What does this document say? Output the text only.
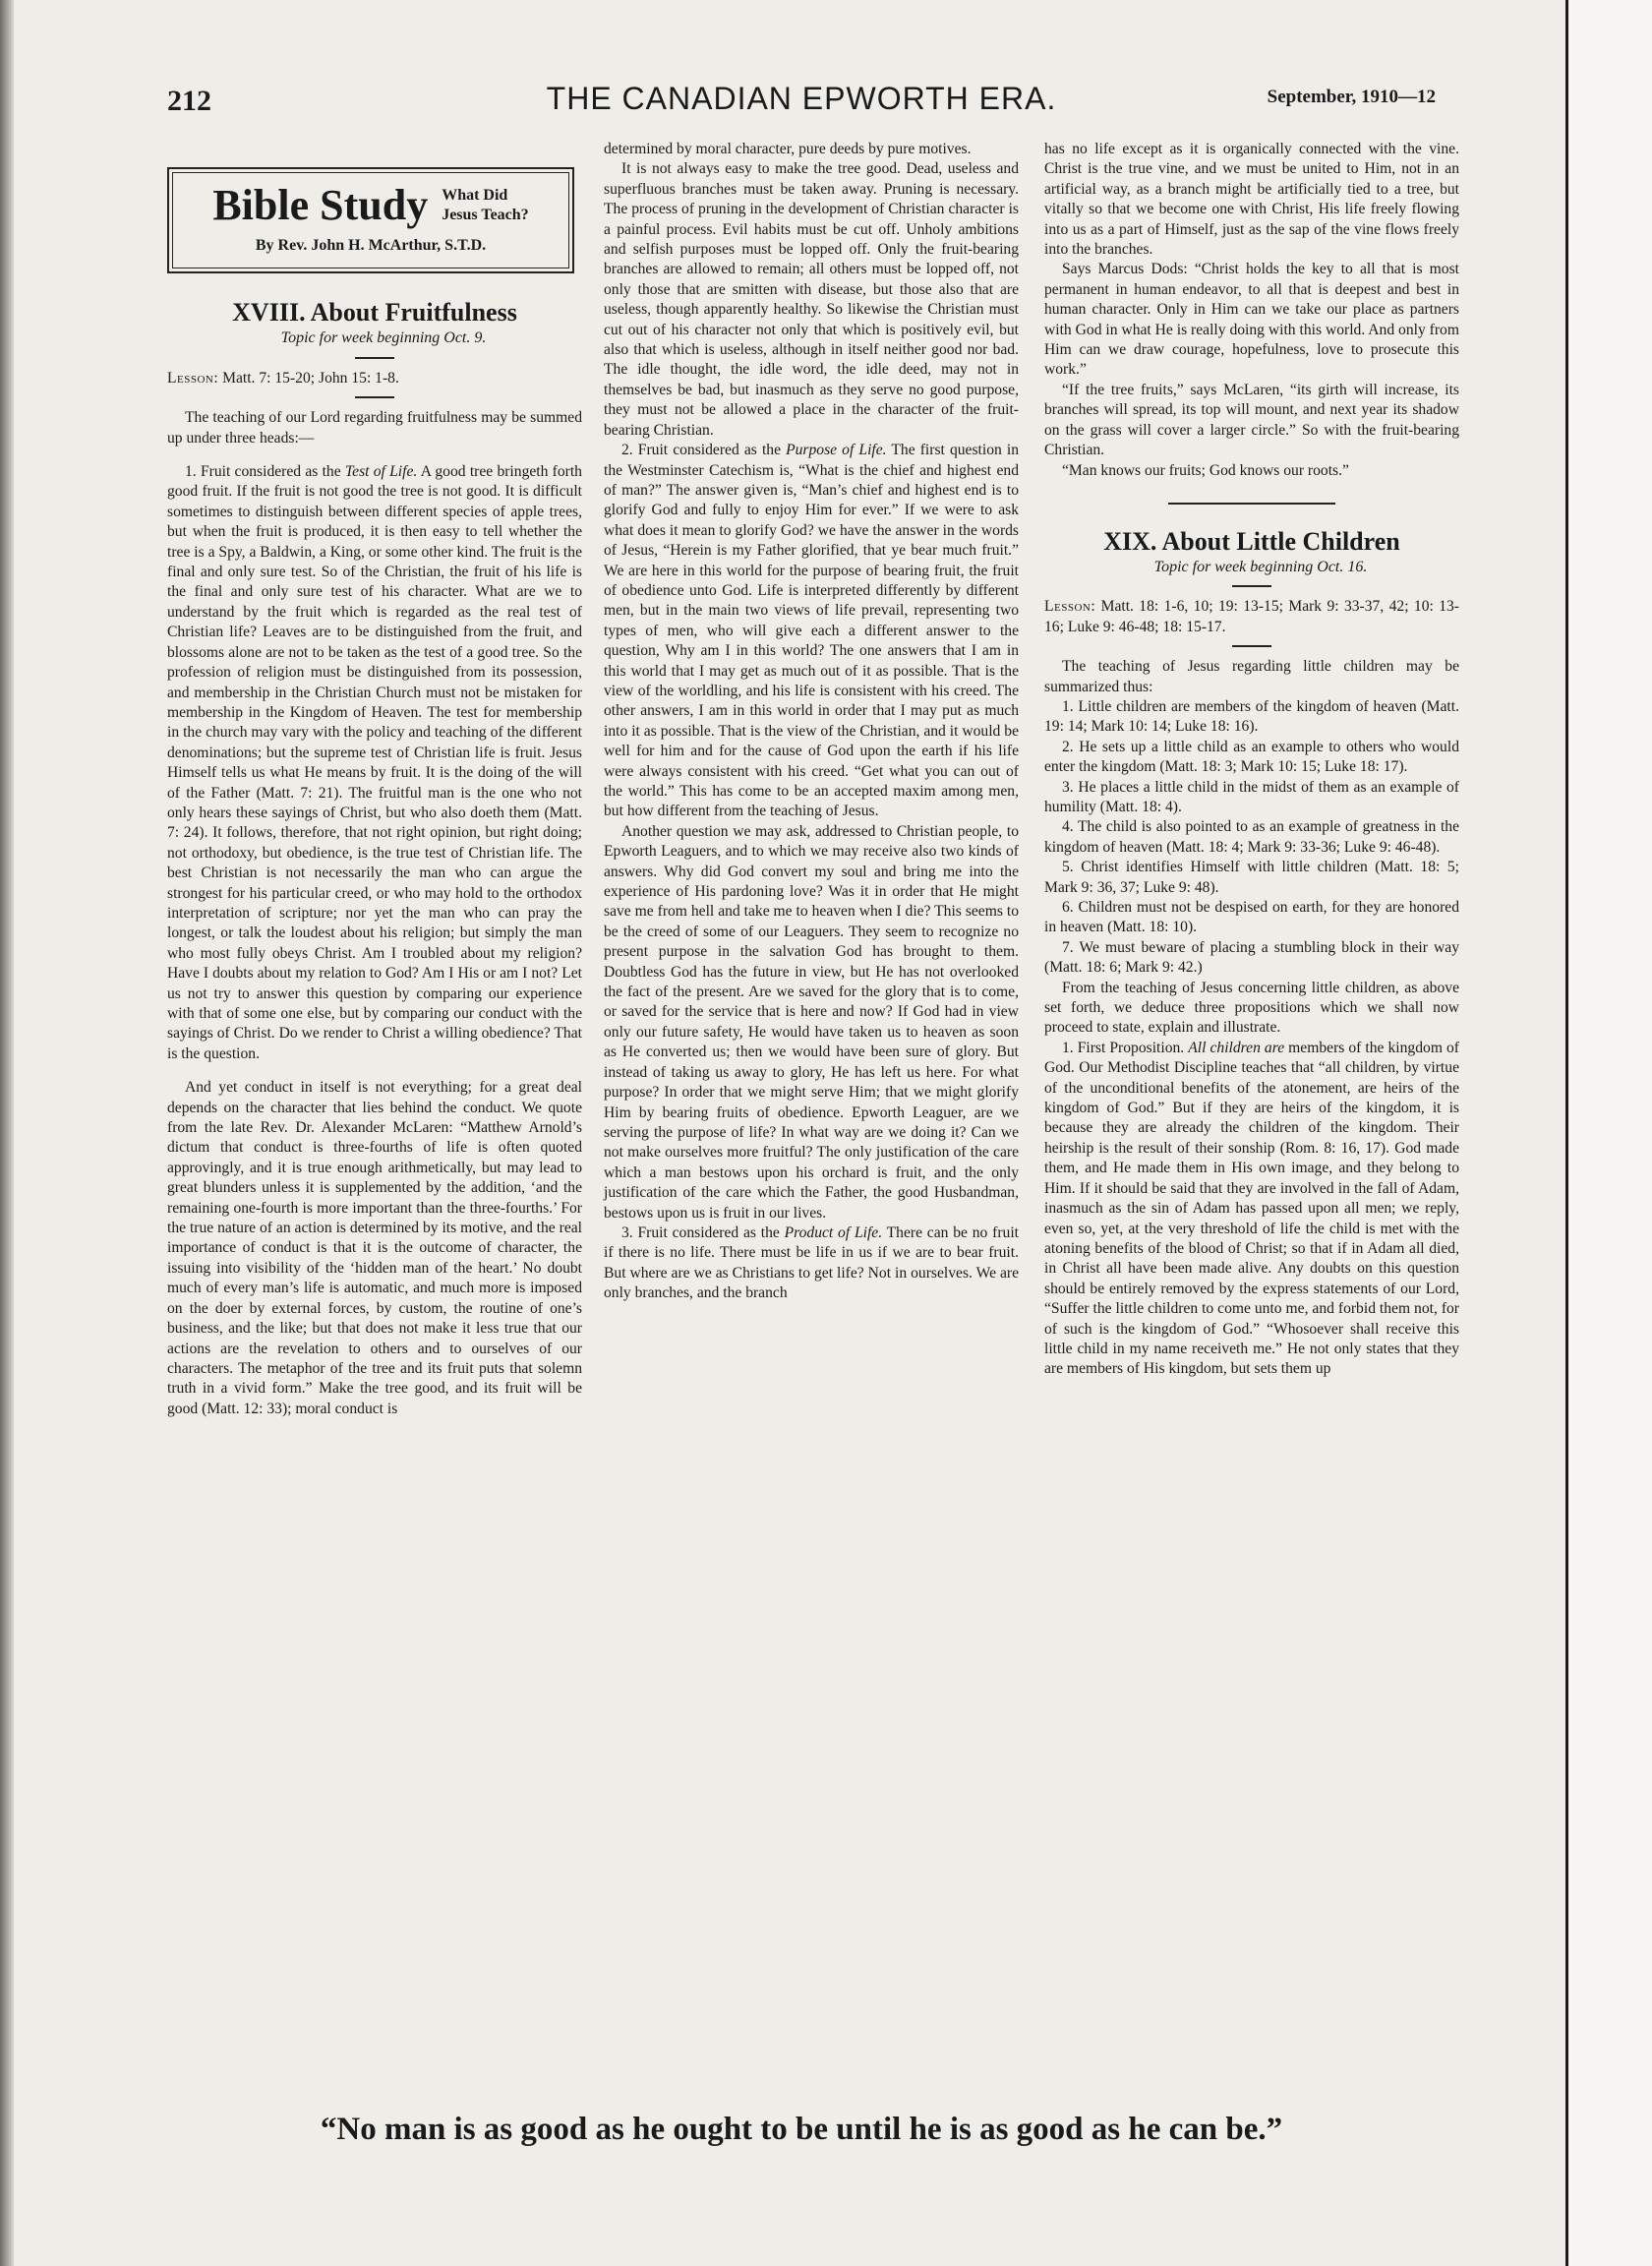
212	THE CANADIAN EPWORTH ERA.	September, 1910—12
Bible Study What Did
Jesus Teach?
By Rev. John H. McArthur, S.T.D.
XVIII. About Fruitfulness

Topic for week beginning Oct. 9.

Lesson: Matt. 7: 15-20; John 15: 1-8.

The teaching of our Lord regarding fruitfulness may be summed up under three heads:—

1. Fruit considered as the Test of Life. A good tree bringeth forth good fruit. If the fruit is not good the tree is not good. It is difficult sometimes to distinguish between different species of apple trees, but when the fruit is produced, it is then easy to tell whether the tree is a Spy, a Baldwin, a King, or some other kind. The fruit is the final and only sure test. So of the Christian, the fruit of his life is the final and only sure test of his character. What are we to understand by the fruit which is regarded as the real test of Christian life? Leaves are to be distinguished from the fruit, and blossoms alone are not to be taken as the test of a good tree. So the profession of religion must be distinguished from its possession, and membership in the Christian Church must not be mistaken for membership in the Kingdom of Heaven. The test for membership in the church may vary with the policy and teaching of the different denominations; but the supreme test of Christian life is fruit. Jesus Himself tells us what He means by fruit. It is the doing of the will of the Father (Matt. 7: 21). The fruitful man is the one who not only hears these sayings of Christ, but who also doeth them (Matt. 7: 24). It follows, therefore, that not right opinion, but right doing; not orthodoxy, but obedience, is the true test of Christian life. The best Christian is not necessarily the man who can argue the strongest for his particular creed, or who may hold to the orthodox interpretation of scripture; nor yet the man who can pray the longest, or talk the loudest about his religion; but simply the man who most fully obeys Christ. Am I troubled about my religion? Have I doubts about my relation to God? Am I His or am I not? Let us not try to answer this question by comparing our experience with that of some one else, but by comparing our conduct with the sayings of Christ. Do we render to Christ a willing obedience? That is the question.

And yet conduct in itself is not everything; for a great deal depends on the character that lies behind the conduct. We quote from the late Rev. Dr. Alexander McLaren: “Matthew Arnold’s dictum that conduct is three-fourths of life is often quoted approvingly, and it is true enough arithmetically, but may lead to great blunders unless it is supplemented by the addition, ‘and the remaining one-fourth is more important than the three-fourths.’ For the true nature of an action is determined by its motive, and the real importance of conduct is that it is the outcome of character, the issuing into visibility of the ‘hidden man of the heart.’ No doubt much of every man’s life is automatic, and much more is imposed on the doer by external forces, by custom, the routine of one’s business, and the like; but that does not make it less true that our actions are the revelation to others and to ourselves of our characters. The metaphor of the tree and its fruit puts that solemn truth in a vivid form.” Make the tree good, and its fruit will be good (Matt. 12: 33); moral conduct is

determined by moral character, pure deeds by pure motives.

It is not always easy to make the tree good. Dead, useless and superfluous branches must be taken away. Pruning is necessary. The process of pruning in the development of Christian character is a painful process. Evil habits must be cut off. Unholy ambitions and selfish purposes must be lopped off. Only the fruit-bearing branches are allowed to remain; all others must be lopped off, not only those that are smitten with disease, but those also that are useless, though apparently healthy. So likewise the Christian must cut out of his character not only that which is positively evil, but also that which is useless, although in itself neither good nor bad. The idle thought, the idle word, the idle deed, may not in themselves be bad, but inasmuch as they serve no good purpose, they must not be allowed a place in the character of the fruit-bearing Christian.

2. Fruit considered as the Purpose of Life. The first question in the Westminster Catechism is, “What is the chief and highest end of man?” The answer given is, “Man’s chief and highest end is to glorify God and fully to enjoy Him for ever.” If we were to ask what does it mean to glorify God? we have the answer in the words of Jesus, “Herein is my Father glorified, that ye bear much fruit.” We are here in this world for the purpose of bearing fruit, the fruit of obedience unto God. Life is interpreted differently by different men, but in the main two views of life prevail, representing two types of men, who will give each a different answer to the question, Why am I in this world? The one answers that I am in this world that I may get as much out of it as possible. That is the view of the worldling, and his life is consistent with his creed. The other answers, I am in this world in order that I may put as much into it as possible. That is the view of the Christian, and it would be well for him and for the cause of God upon the earth if his life were always consistent with his creed. “Get what you can out of the world.” This has come to be an accepted maxim among men, but how different from the teaching of Jesus.

Another question we may ask, addressed to Christian people, to Epworth Leaguers, and to which we may receive also two kinds of answers. Why did God convert my soul and bring me into the experience of His pardoning love? Was it in order that He might save me from hell and take me to heaven when I die? This seems to be the creed of some of our Leaguers. They seem to recognize no present purpose in the salvation God has brought to them. Doubtless God has the future in view, but He has not overlooked the fact of the present. Are we saved for the glory that is to come, or saved for the service that is here and now? If God had in view only our future safety, He would have taken us to heaven as soon as He converted us; then we would have been sure of glory. But instead of taking us away to glory, He has left us here. For what purpose? In order that we might serve Him; that we might glorify Him by bearing fruits of obedience. Epworth Leaguer, are we serving the purpose of life? In what way are we doing it? Can we not make ourselves more fruitful? The only justification of the care which a man bestows upon his orchard is fruit, and the only justification of the care which the Father, the good Husbandman, bestows upon us is fruit in our lives.

3. Fruit considered as the Product of Life. There can be no fruit if there is no life. There must be life in us if we are to bear fruit. But where are we as Christians to get life? Not in ourselves. We are only branches, and the branch

has no life except as it is organically connected with the vine. Christ is the true vine, and we must be united to Him, not in an artificial way, as a branch might be artificially tied to a tree, but vitally so that we become one with Christ, His life freely flowing into us as a part of Himself, just as the sap of the vine flows freely into the branches.

Says Marcus Dods: “Christ holds the key to all that is most permanent in human endeavor, to all that is deepest and best in human character. Only in Him can we take our place as partners with God in what He is really doing with this world. And only from Him can we draw courage, hopefulness, love to prosecute this work.”

“If the tree fruits,” says McLaren, “its girth will increase, its branches will spread, its top will mount, and next year its shadow on the grass will cover a larger circle.” So with the fruit-bearing Christian.

“Man knows our fruits; God knows our roots.”

XIX. About Little Children

Topic for week beginning Oct. 16.

Lesson: Matt. 18: 1-6, 10; 19: 13-15; Mark 9: 33-37, 42; 10: 13-16; Luke 9: 46-48; 18: 15-17.

The teaching of Jesus regarding little children may be summarized thus:

1. Little children are members of the kingdom of heaven (Matt. 19: 14; Mark 10: 14; Luke 18: 16).

2. He sets up a little child as an example to others who would enter the kingdom (Matt. 18: 3; Mark 10: 15; Luke 18: 17).

3. He places a little child in the midst of them as an example of humility (Matt. 18: 4).

4. The child is also pointed to as an example of greatness in the kingdom of heaven (Matt. 18: 4; Mark 9: 33-36; Luke 9: 46-48).

5. Christ identifies Himself with little children (Matt. 18: 5; Mark 9: 36, 37; Luke 9: 48).

6. Children must not be despised on earth, for they are honored in heaven (Matt. 18: 10).

7. We must beware of placing a stumbling block in their way (Matt. 18: 6; Mark 9: 42.)

From the teaching of Jesus concerning little children, as above set forth, we deduce three propositions which we shall now proceed to state, explain and illustrate.

1. First Proposition. All children are members of the kingdom of God. Our Methodist Discipline teaches that “all children, by virtue of the unconditional benefits of the atonement, are heirs of the kingdom of God.” But if they are heirs of the kingdom, it is because they are already the children of the kingdom. Their heirship is the result of their sonship (Rom. 8: 16, 17). God made them, and He made them in His own image, and they belong to Him. If it should be said that they are involved in the fall of Adam, inasmuch as the sin of Adam has passed upon all men; we reply, even so, yet, at the very threshold of life the child is met with the atoning benefits of the blood of Christ; so that if in Adam all died, in Christ all have been made alive. Any doubts on this question should be entirely removed by the express statements of our Lord, “Suffer the little children to come unto me, and forbid them not, for of such is the kingdom of God.” “Whosoever shall receive this little child in my name receiveth me.” He not only states that they are members of His kingdom, but sets them up

“No man is as good as he ought to be until he is as good as he can be.”
